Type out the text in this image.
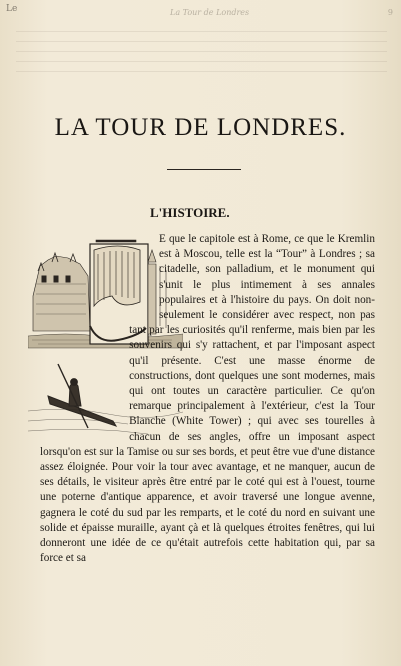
Le	La Tour de Londres	9
LA TOUR DE LONDRES.
L'HISTOIRE.

E que le capitole est à Rome, ce que le Kremlin est à Moscou, telle est la “Tour” à Londres ; sa citadelle, son palladium, et le monument qui s'unit le plus intimement à ses annales populaires et à l'histoire du pays. On doit non-seulement le considérer avec respect, non pas tant par les curiosités qu'il renferme, mais bien par les souvenirs qui s'y rattachent, et par l'imposant aspect qu'il présente. C'est une masse énorme de constructions, dont quelques une sont modernes, mais qui ont toutes un caractère particulier. Ce qu'on remarque principalement à l'extérieur, c'est la Tour Blanche (White Tower) ; qui avec ses tourelles à chacun de ses angles, offre un imposant aspect lorsqu'on est sur la Tamise ou sur ses bords, et peut être vue d'une distance assez éloignée. Pour voir la tour avec avantage, et ne manquer, aucun de ses détails, le visiteur après être entré par le coté qui est à l'ouest, tourne une poterne d'antique apparence, et avoir traversé une longue avenne, gagnera le coté du sud par les remparts, et le coté du nord en suivant une solide et épaisse muraille, ayant çà et là quelques étroites fenêtres, qui lui donneront une idée de ce qu'était autrefois cette habitation qui, par sa force et sa
